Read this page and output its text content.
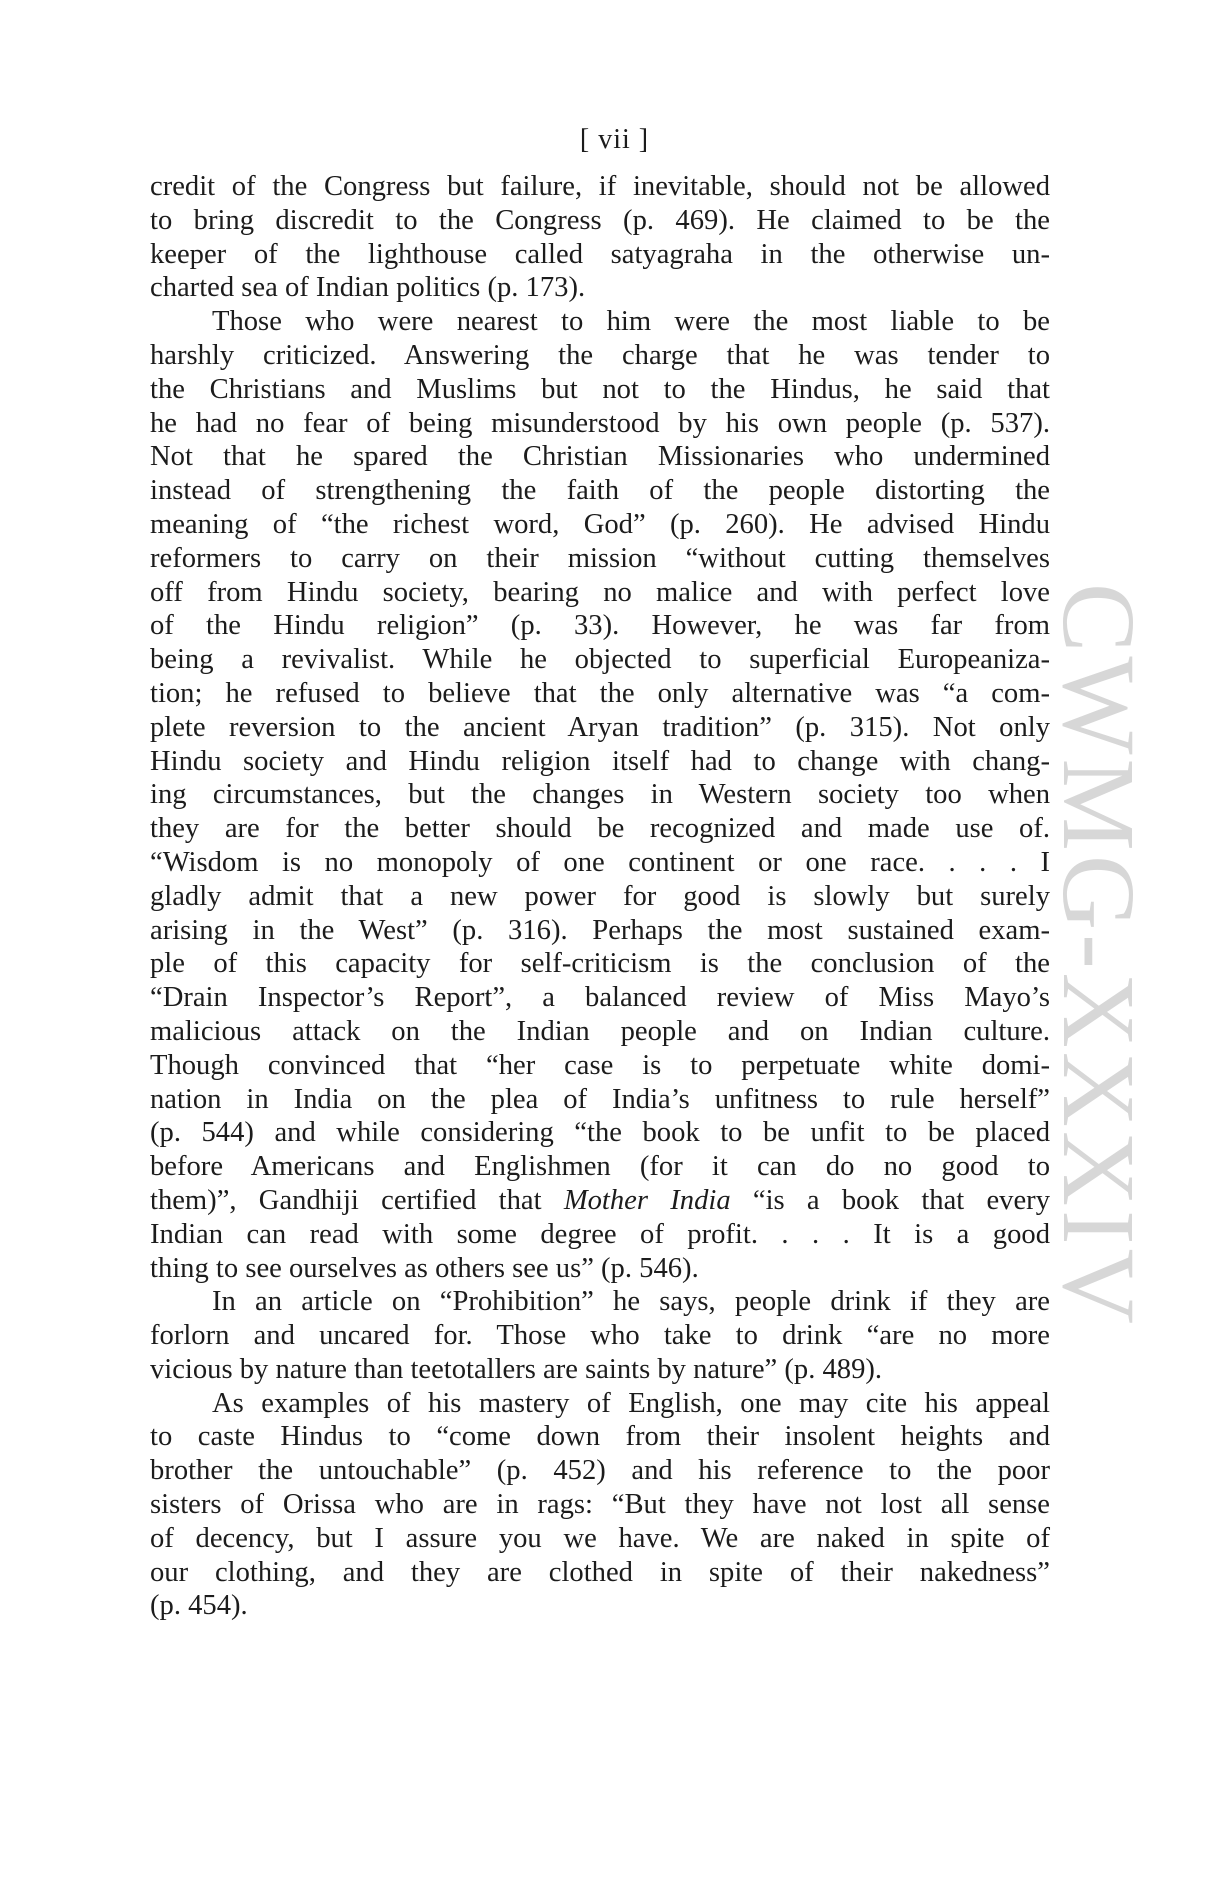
CWMG-XXXIV
[ vii ]
credit of the Congress but failure, if inevitable, should not be allowed
to bring discredit to the Congress (p. 469). He claimed to be the
keeper of the lighthouse called satyagraha in the otherwise un-
charted sea of Indian politics (p. 173).
Those who were nearest to him were the most liable to be
harshly criticized. Answering the charge that he was tender to
the Christians and Muslims but not to the Hindus, he said that
he had no fear of being misunderstood by his own people (p. 537).
Not that he spared the Christian Missionaries who undermined
instead of strengthening the faith of the people distorting the
meaning of “the richest word, God” (p. 260). He advised Hindu
reformers to carry on their mission “without cutting themselves
off from Hindu society, bearing no malice and with perfect love
of the Hindu religion” (p. 33). However, he was far from
being a revivalist. While he objected to superficial Europeaniza-
tion; he refused to believe that the only alternative was “a com-
plete reversion to the ancient Aryan tradition” (p. 315). Not only
Hindu society and Hindu religion itself had to change with chang-
ing circumstances, but the changes in Western society too when
they are for the better should be recognized and made use of.
“Wisdom is no monopoly of one continent or one race. . . . I
gladly admit that a new power for good is slowly but surely
arising in the West” (p. 316). Perhaps the most sustained exam-
ple of this capacity for self-criticism is the conclusion of the
“Drain Inspector’s Report”, a balanced review of Miss Mayo’s
malicious attack on the Indian people and on Indian culture.
Though convinced that “her case is to perpetuate white domi-
nation in India on the plea of India’s unfitness to rule herself”
(p. 544) and while considering “the book to be unfit to be placed
before Americans and Englishmen (for it can do no good to
them)”, Gandhiji certified that Mother India “is a book that every
Indian can read with some degree of profit. . . . It is a good
thing to see ourselves as others see us” (p. 546).
In an article on “Prohibition” he says, people drink if they are
forlorn and uncared for. Those who take to drink “are no more
vicious by nature than teetotallers are saints by nature” (p. 489).
As examples of his mastery of English, one may cite his appeal
to caste Hindus to “come down from their insolent heights and
brother the untouchable” (p. 452) and his reference to the poor
sisters of Orissa who are in rags: “But they have not lost all sense
of decency, but I assure you we have. We are naked in spite of
our clothing, and they are clothed in spite of their nakedness”
(p. 454).
